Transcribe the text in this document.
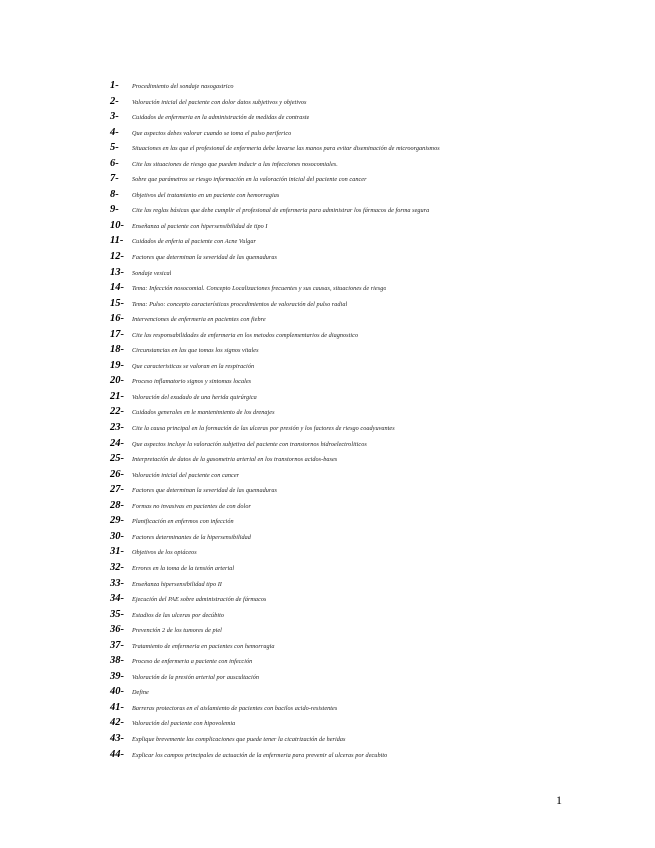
1-	Procedimiento del sondaje nasogastrico
2-	Valoración inicial del paciente con dolor datos subjetivos y objetivos
3-	Cuidados de enfermeria en la administración de medidas de contraste
4-	Que aspectos debes valorar cuando se toma el pulso periferico
5-	Situaciones en las que el profesional de enfermeria debe lavarse las manos para evitar diseminación de microorganismos
6-	Cite las situaciones de riesgo que pueden inducir a las infecciones nosocomiales.
7-	Sobre que parámetros se riesgo información en la valoración inicial del paciente con cancer
8-	Objetivos del tratamiento en un paciente con hemorragias
9-	Cite las reglas básicas que debe cumplir el profesional de enfermeria para administrar los fármacos de forma segura
10-	Enseñanza al paciente con hipersensibilidad de tipo I
11-	Cuidados de enferia al paciente con Acne Vulgar
12-	Factores que determinan la severidad de las quemaduras
13-	Sondaje vesical
14-	Tema: Infección nosocomial. Concepto Localizaciones frecuentes y sus causas, situaciones de riesgo
15-	Tema: Pulso: concepto características procedimientos de valoración del pulso radial
16-	Intervenciones de enfermeria en pacientes con fiebre
17-	Cite las responsabilidades de enfermeria en los metodos complementarios de diagnostico
18-	Circunstancias en las que tomas los signos vitales
19-	Que caracteristicas se valoran en la respiración
20-	Proceso inflamatorio signos y sintomas locales
21-	Valoración del exudado de una herida quirúrgica
22-	Cuidados generales en le mantenimiento de los drenajes
23-	Cite la causa principal en la formación de las ulceras por presión y los factores de riesgo coadyuvantes
24-	Que aspectos incluye la valoración subjetiva del paciente con transtornos hidroelectroliticos
25-	Interpretación de datos de la gasometria arterial en los transtornos acidos-bases
26-	Valoración inicial del paciente con cancer
27-	Factores que determinan la severidad de las quemaduras
28-	Formas no invasivas en pacientes de con dolor
29-	Planificación en enfermos con infección
30-	Factores determinantes de la hipersensibilidad
31-	Objetivos de los opiáceos
32-	Errores en la toma de la tensión arterial
33-	Enseñanza hipersensibilidad tipo II
34-	Ejecución del PAE sobre administración de fármacos
35-	Estadios de las ulceras por decúbito
36-	Prevención 2 de los tumores de piel
37-	Tratamiento de enfermeria en pacientes con hemorragia
38-	Proceso de enfermeria a paciente con infección
39-	Valoración de la presión arterial por auscultación
40-	Define
41-	Barreras protectoras en el aislamiento de pacientes con bacilos acido-resistentes
42-	Valoración del paciente con hipovolemia
43-	Explique brevemente las complicaciones que puede tener la cicatrización de heridas
44-	Explicar los campos principales de actuación de la enfermeria para prevenir al ulceras por decubito
1
